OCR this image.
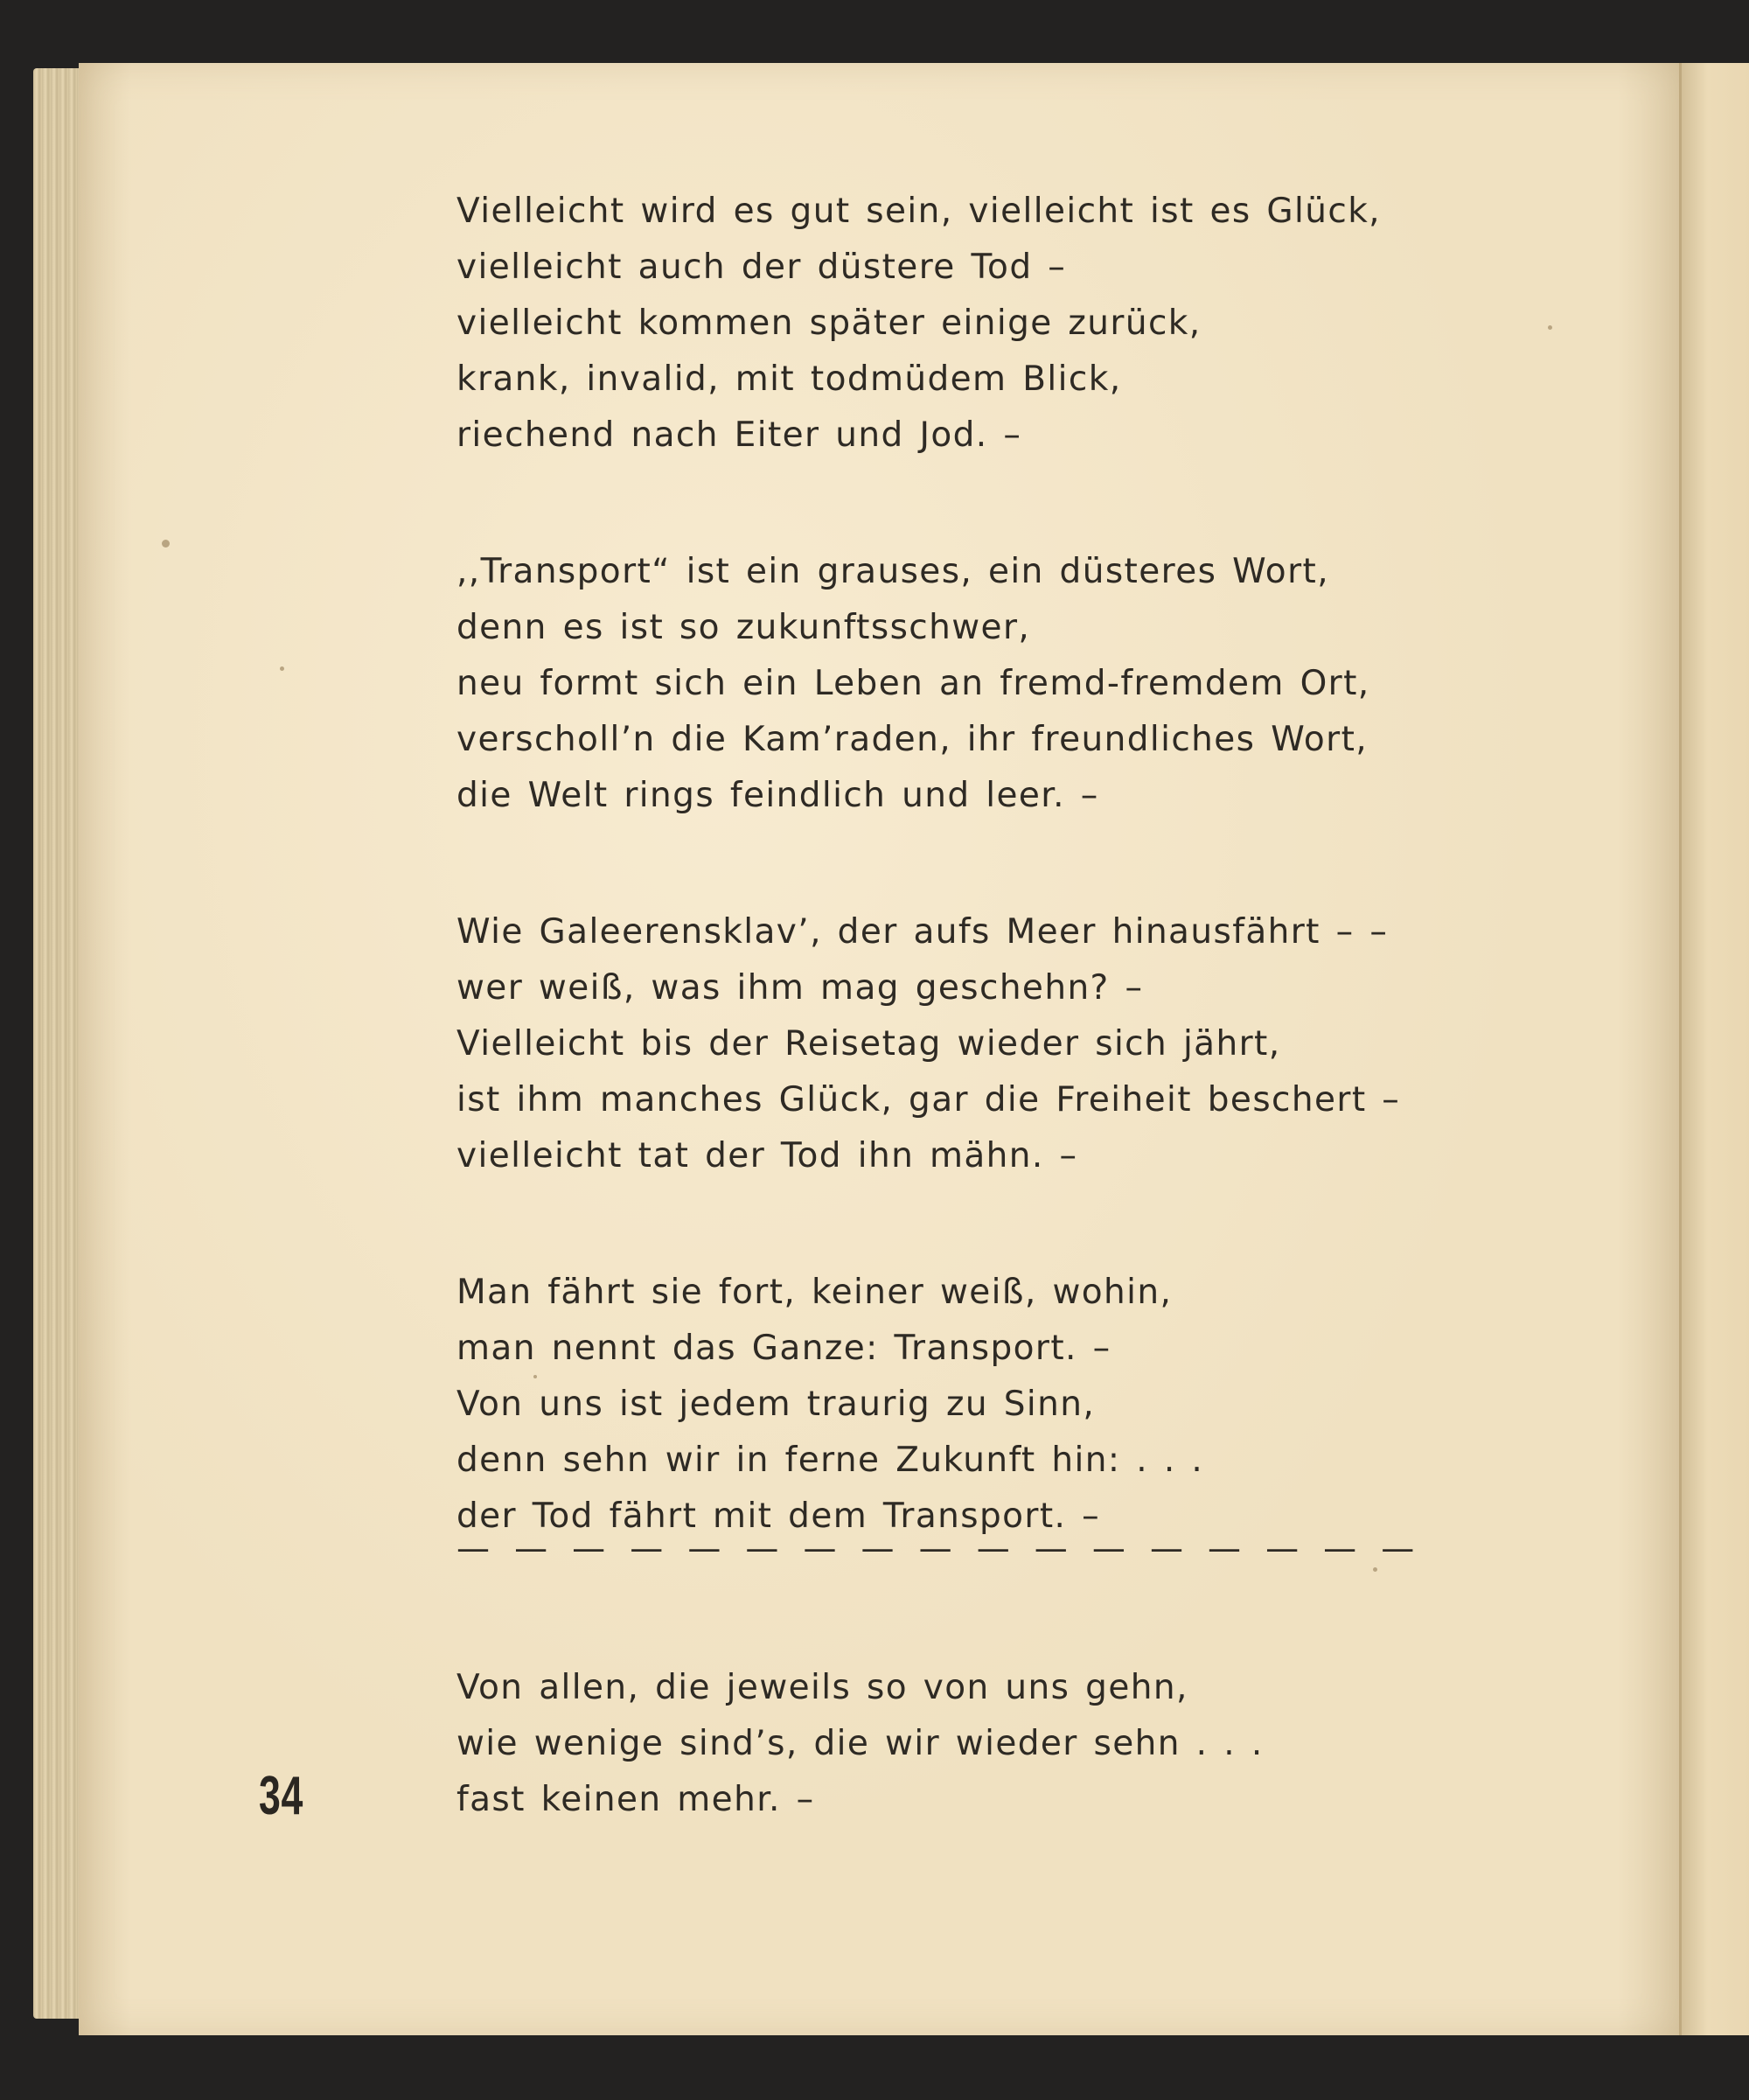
Vielleicht wird es gut sein, vielleicht ist es Glück,
vielleicht auch der düstere Tod –
vielleicht kommen später einige zurück,
krank, invalid, mit todmüdem Blick,
riechend nach Eiter und Jod. –
,,Transport“ ist ein grauses, ein düsteres Wort,
denn es ist so zukunftsschwer,
neu formt sich ein Leben an fremd-fremdem Ort,
verscholl’n die Kam’raden, ihr freundliches Wort,
die Welt rings feindlich und leer. –
Wie Galeerensklav’, der aufs Meer hinausfährt – –
wer weiß, was ihm mag geschehn? –
Vielleicht bis der Reisetag wieder sich jährt,
ist ihm manches Glück, gar die Freiheit beschert –
vielleicht tat der Tod ihn mähn. –
Man fährt sie fort, keiner weiß, wohin,
man nennt das Ganze: Transport. –
Von uns ist jedem traurig zu Sinn,
denn sehn wir in ferne Zukunft hin: . . .
der Tod fährt mit dem Transport. –
— — — — — — — — — — — — — — — — —
Von allen, die jeweils so von uns gehn,
wie wenige sind’s, die wir wieder sehn . . .
fast keinen mehr. –
34
